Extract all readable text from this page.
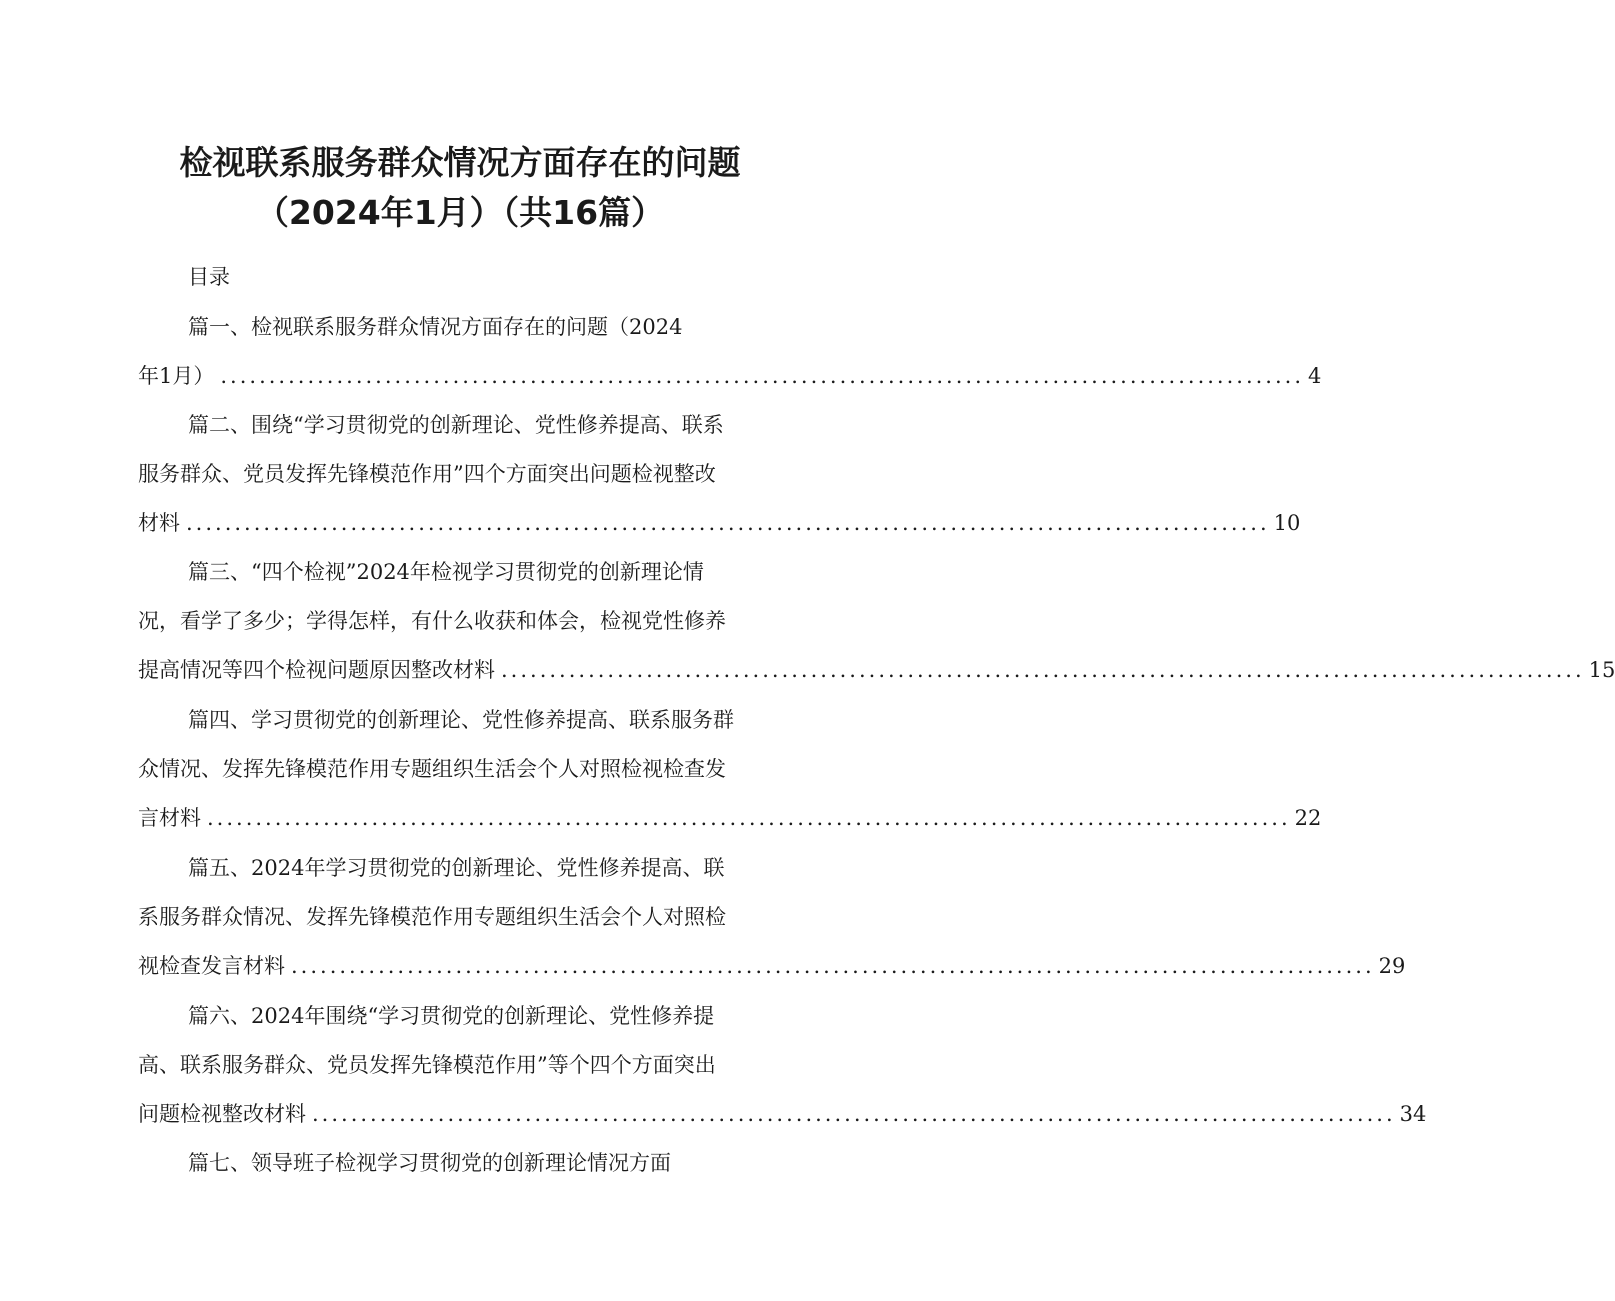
检视联系服务群众情况方面存在的问题
（2024年1月）（共16篇）
目录
篇一、检视联系服务群众情况方面存在的问题（2024
年1月） ................................................................................................................ 4
篇二、围绕“学习贯彻党的创新理论、党性修养提高、联系
服务群众、党员发挥先锋模范作用”四个方面突出问题检视整改
材料 ................................................................................................................ 10
篇三、“四个检视”2024年检视学习贯彻党的创新理论情
况，看学了多少；学得怎样，有什么收获和体会，检视党性修养
提高情况等四个检视问题原因整改材料 ................................................................................................................ 15
篇四、学习贯彻党的创新理论、党性修养提高、联系服务群
众情况、发挥先锋模范作用专题组织生活会个人对照检视检查发
言材料 ................................................................................................................ 22
篇五、2024年学习贯彻党的创新理论、党性修养提高、联
系服务群众情况、发挥先锋模范作用专题组织生活会个人对照检
视检查发言材料 ................................................................................................................ 29
篇六、2024年围绕“学习贯彻党的创新理论、党性修养提
高、联系服务群众、党员发挥先锋模范作用”等个四个方面突出
问题检视整改材料 ................................................................................................................ 34
篇七、领导班子检视学习贯彻党的创新理论情况方面
